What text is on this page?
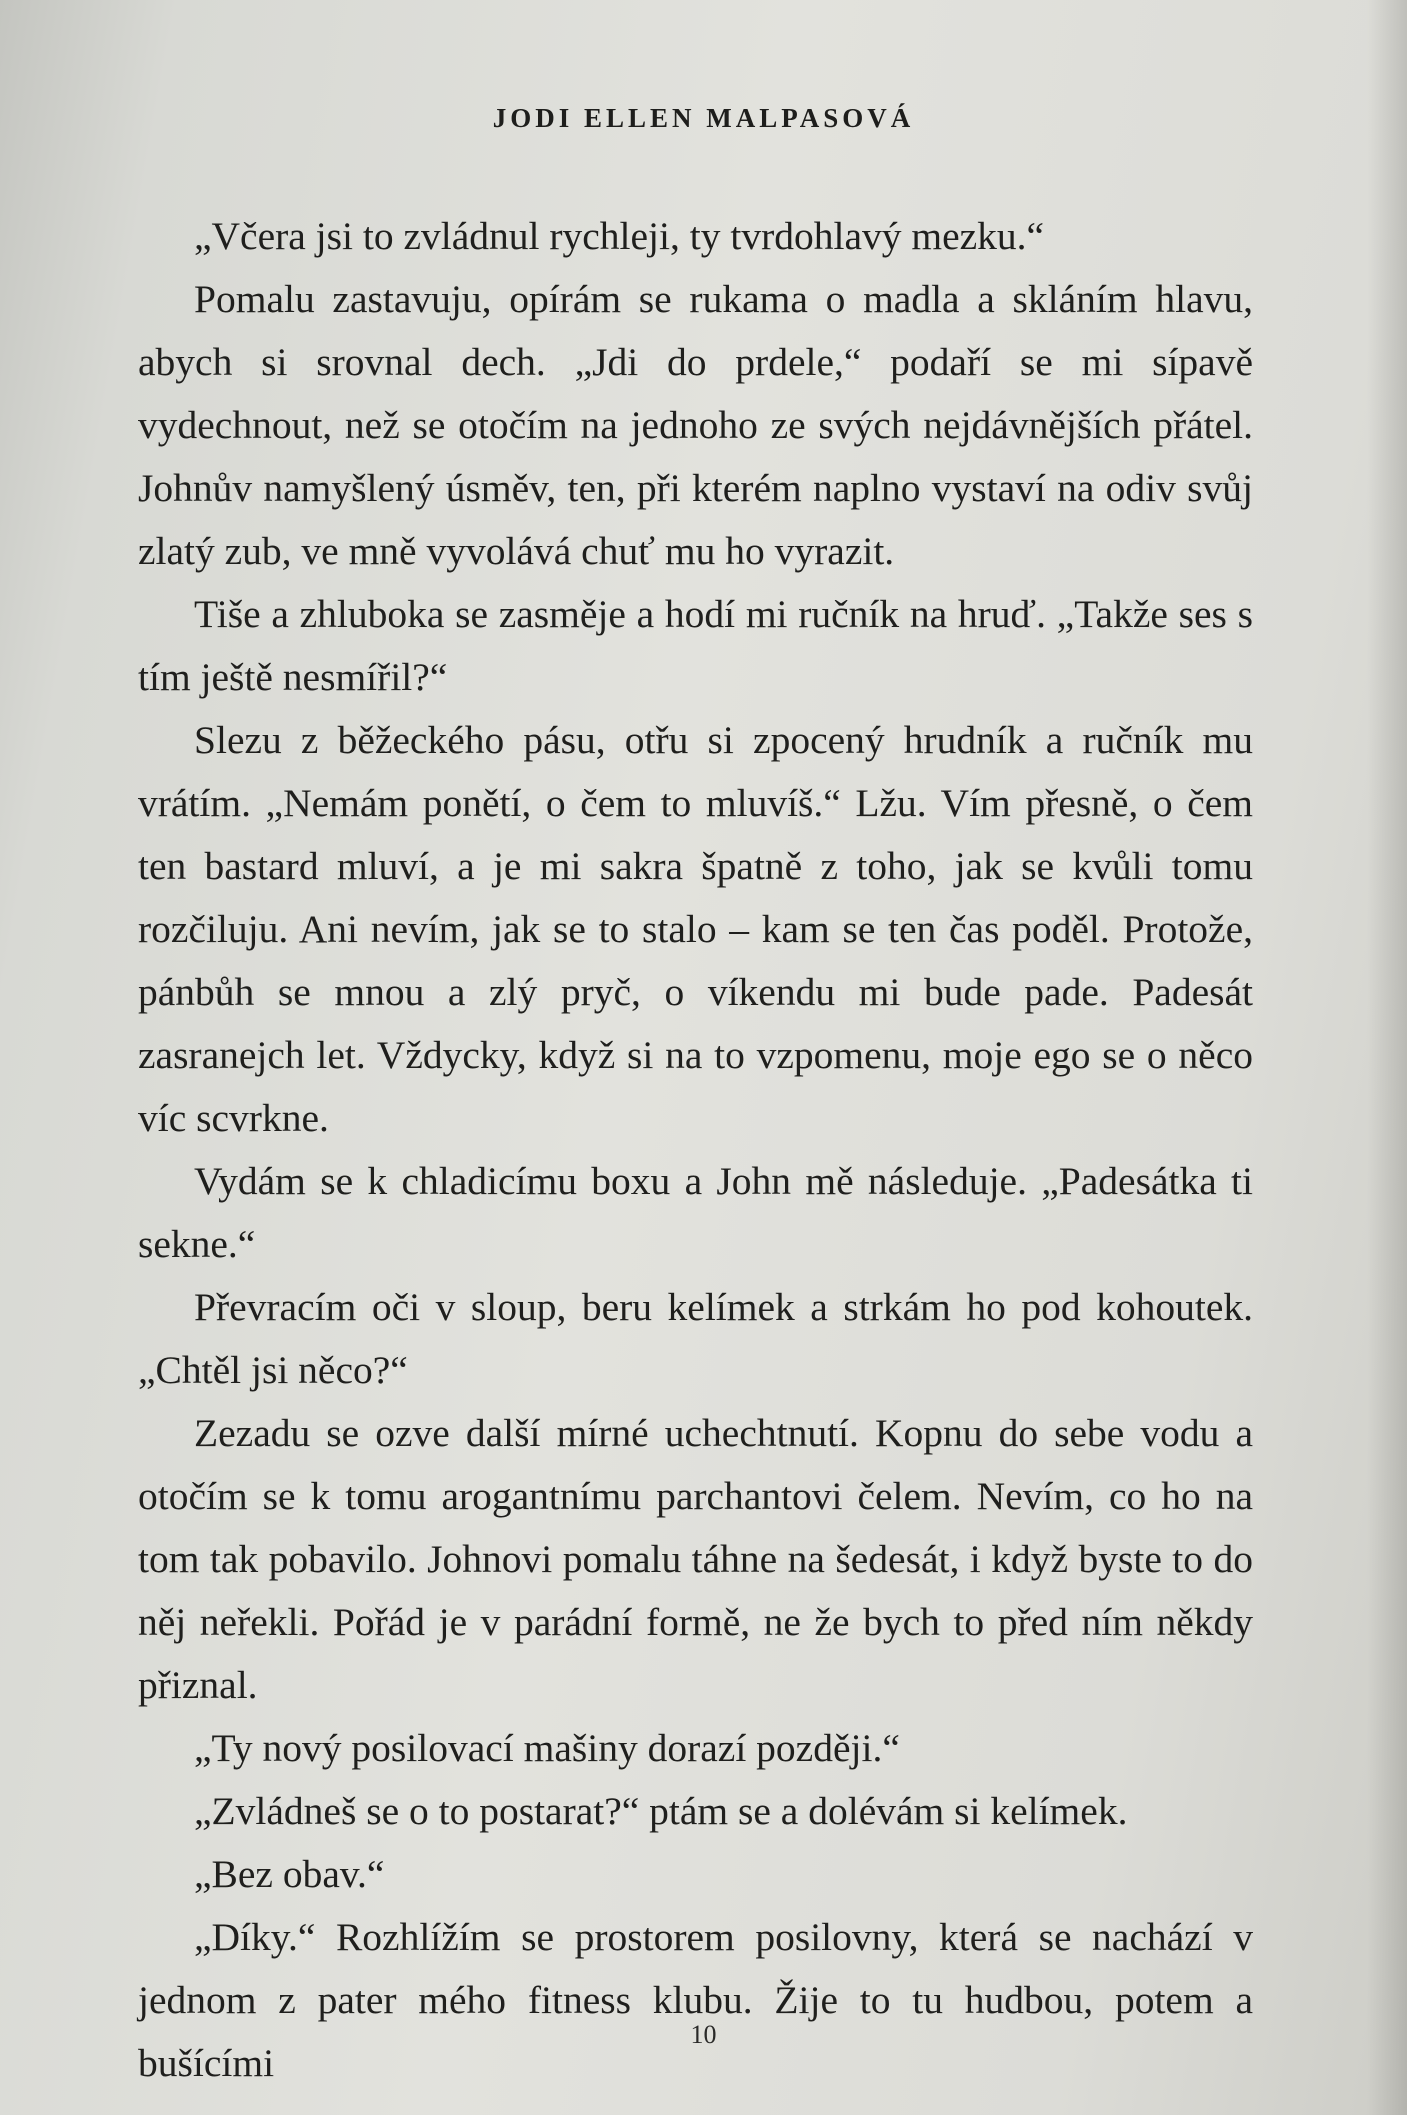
JODI ELLEN MALPASOVÁ

„Včera jsi to zvládnul rychleji, ty tvrdohlavý mezku.“

Pomalu zastavuju, opírám se rukama o madla a skláním hlavu, abych si srovnal dech. „Jdi do prdele,“ podaří se mi sípavě vydechnout, než se otočím na jednoho ze svých nejdávnějších přátel. Johnův namyšlený úsměv, ten, při kterém naplno vystaví na odiv svůj zlatý zub, ve mně vyvolává chuť mu ho vyrazit.

Tiše a zhluboka se zasměje a hodí mi ručník na hruď. „Takže ses s tím ještě nesmířil?“

Slezu z běžeckého pásu, otřu si zpocený hrudník a ručník mu vrátím. „Nemám ponětí, o čem to mluvíš.“ Lžu. Vím přesně, o čem ten bastard mluví, a je mi sakra špatně z toho, jak se kvůli tomu rozčiluju. Ani nevím, jak se to stalo – kam se ten čas poděl. Protože, pánbůh se mnou a zlý pryč, o víkendu mi bude pade. Padesát zasranejch let. Vždycky, když si na to vzpomenu, moje ego se o něco víc scvrkne.

Vydám se k chladicímu boxu a John mě následuje. „Padesátka ti sekne.“

Převracím oči v sloup, beru kelímek a strkám ho pod kohoutek. „Chtěl jsi něco?“

Zezadu se ozve další mírné uchechtnutí. Kopnu do sebe vodu a otočím se k tomu arogantnímu parchantovi čelem. Nevím, co ho na tom tak pobavilo. Johnovi pomalu táhne na šedesát, i když byste to do něj neřekli. Pořád je v parádní formě, ne že bych to před ním někdy přiznal.

„Ty nový posilovací mašiny dorazí později.“

„Zvládneš se o to postarat?“ ptám se a dolévám si kelímek.

„Bez obav.“

„Díky.“ Rozhlížím se prostorem posilovny, která se nachází v jednom z pater mého fitness klubu. Žije to tu hudbou, potem a bušícími

10
